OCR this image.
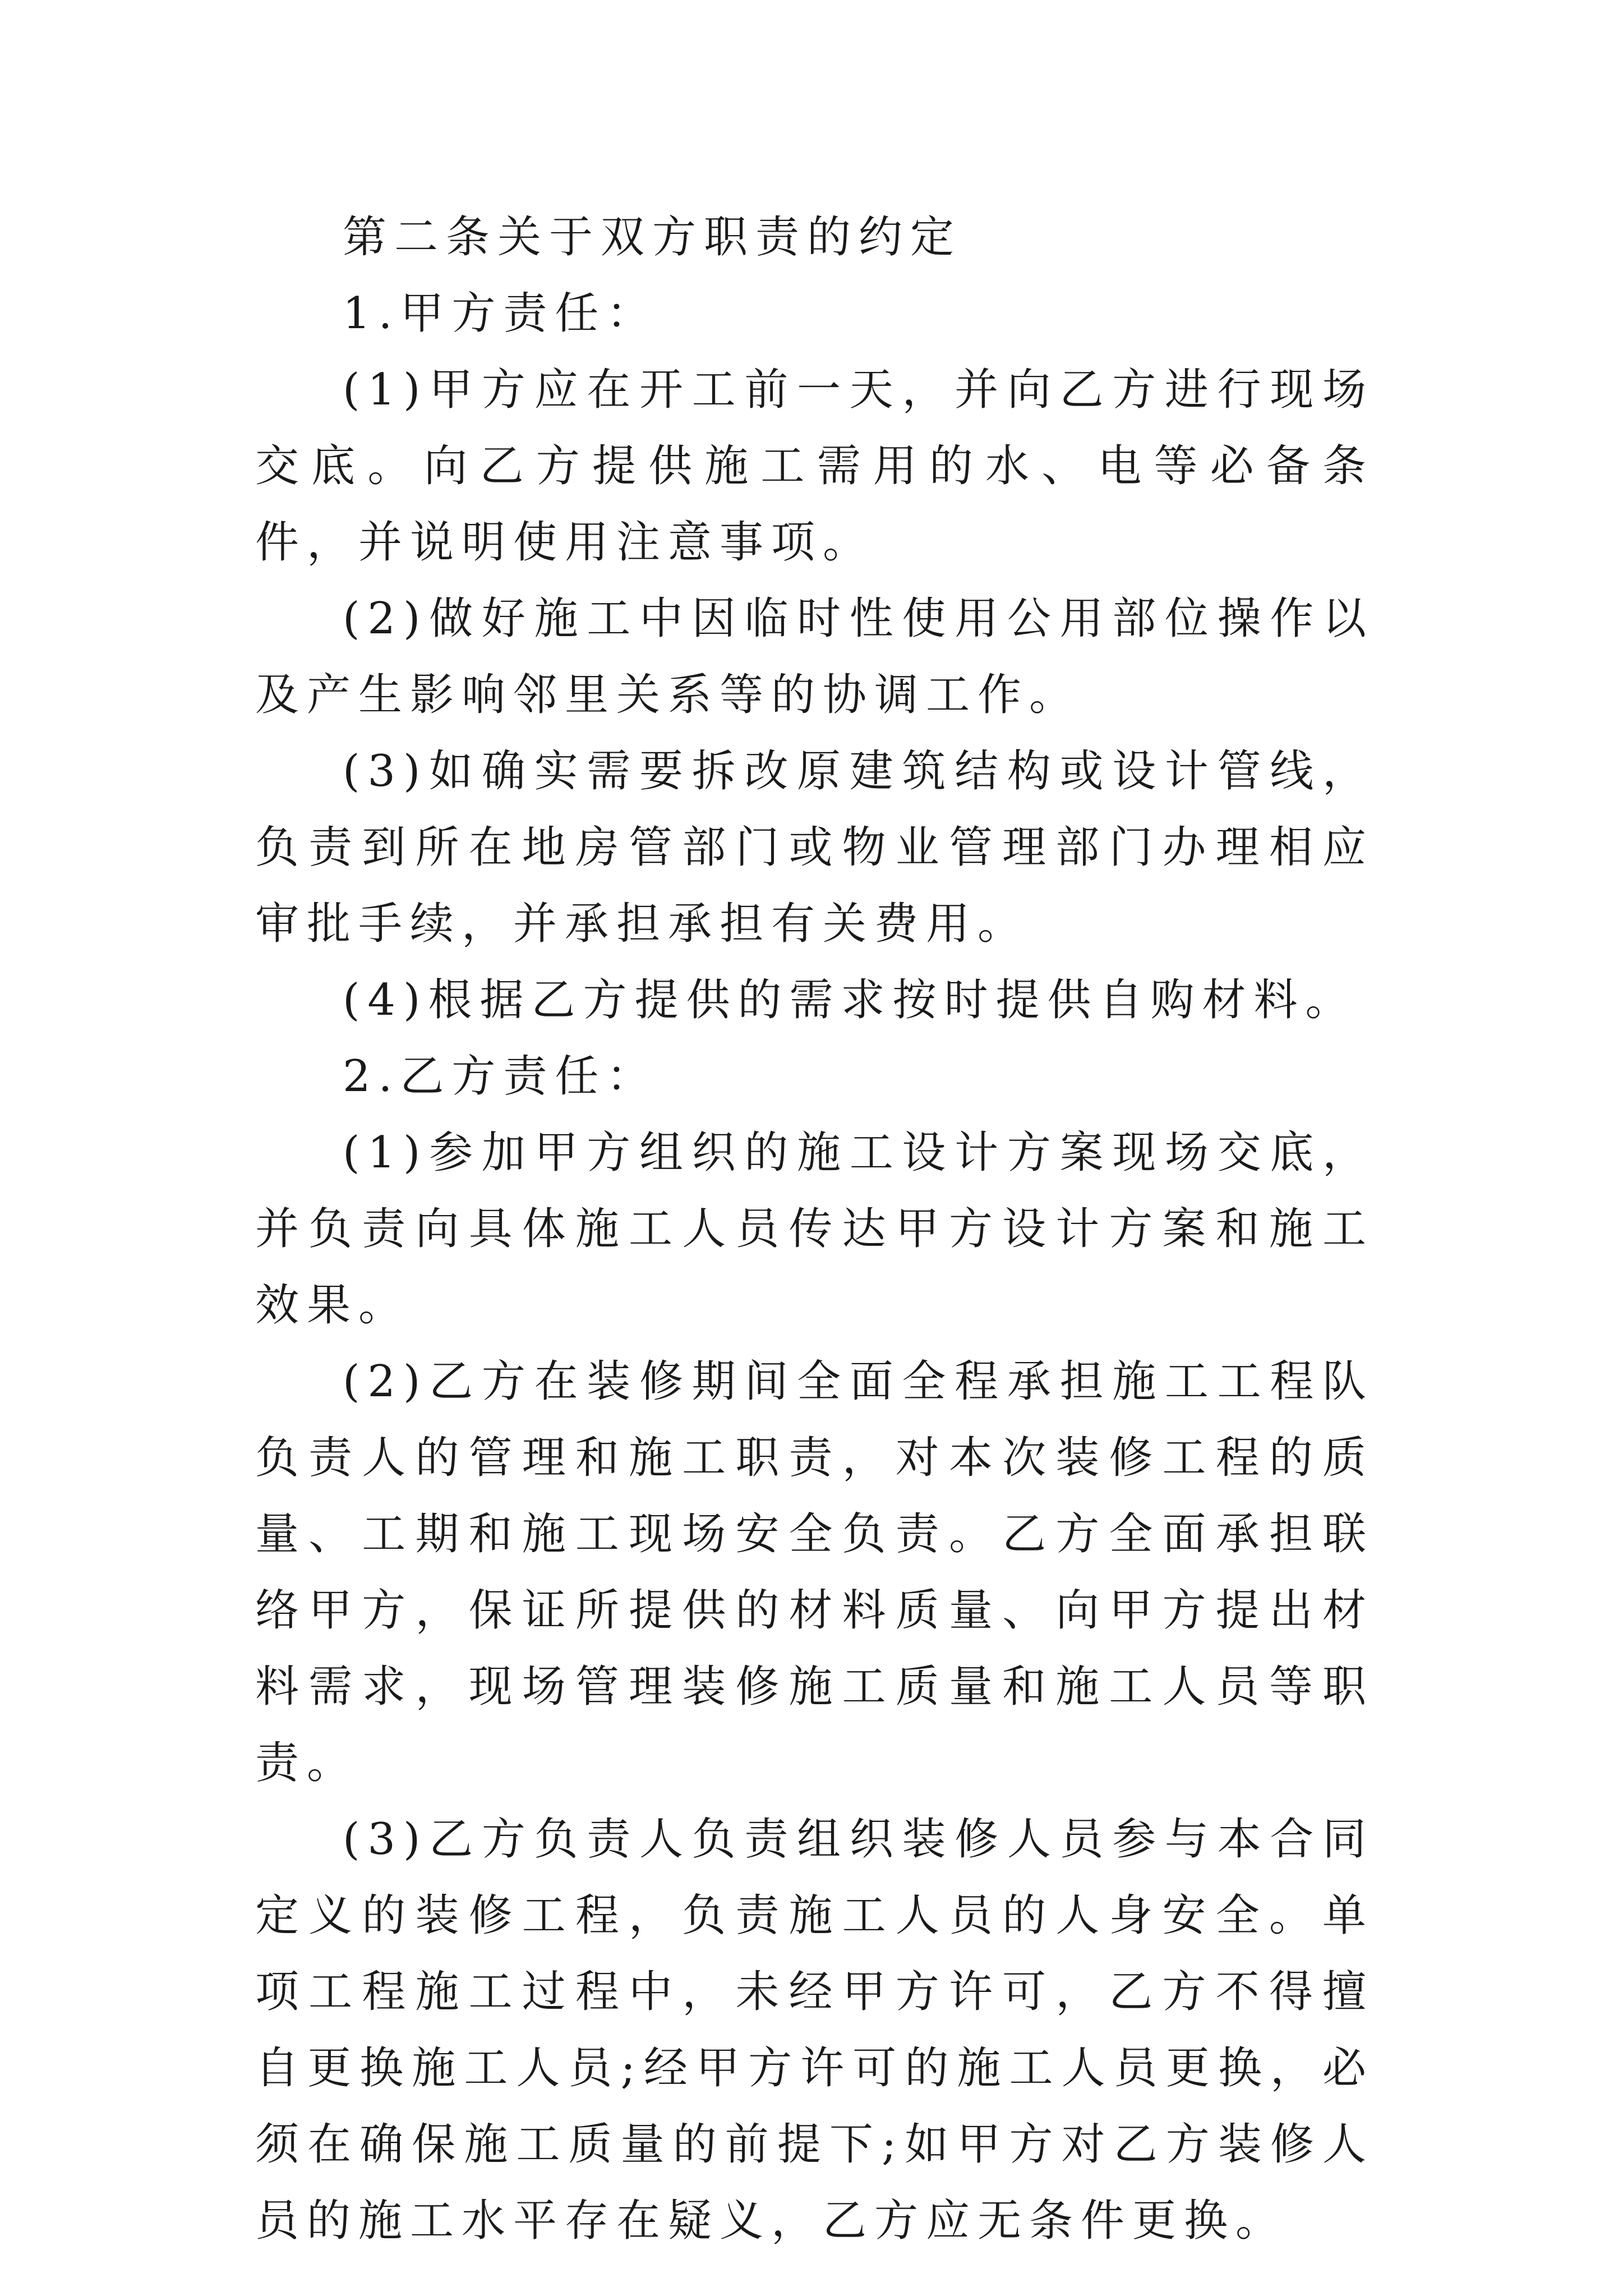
第二条关于双方职责的约定

1.甲方责任：

(1)甲方应在开工前一天，并向乙方进行现场交底。向乙方提供施工需用的水、电等必备条件，并说明使用注意事项。

(2)做好施工中因临时性使用公用部位操作以及产生影响邻里关系等的协调工作。

(3)如确实需要拆改原建筑结构或设计管线，负责到所在地房管部门或物业管理部门办理相应审批手续，并承担承担有关费用。

(4)根据乙方提供的需求按时提供自购材料。

2.乙方责任：

(1)参加甲方组织的施工设计方案现场交底，并负责向具体施工人员传达甲方设计方案和施工效果。

(2)乙方在装修期间全面全程承担施工工程队负责人的管理和施工职责，对本次装修工程的质量、工期和施工现场安全负责。乙方全面承担联络甲方，保证所提供的材料质量、向甲方提出材料需求，现场管理装修施工质量和施工人员等职责。

(3)乙方负责人负责组织装修人员参与本合同定义的装修工程，负责施工人员的人身安全。单项工程施工过程中，未经甲方许可，乙方不得擅自更换施工人员;经甲方许可的施工人员更换，必须在确保施工质量的前提下;如甲方对乙方装修人员的施工水平存在疑义，乙方应无条件更换。
